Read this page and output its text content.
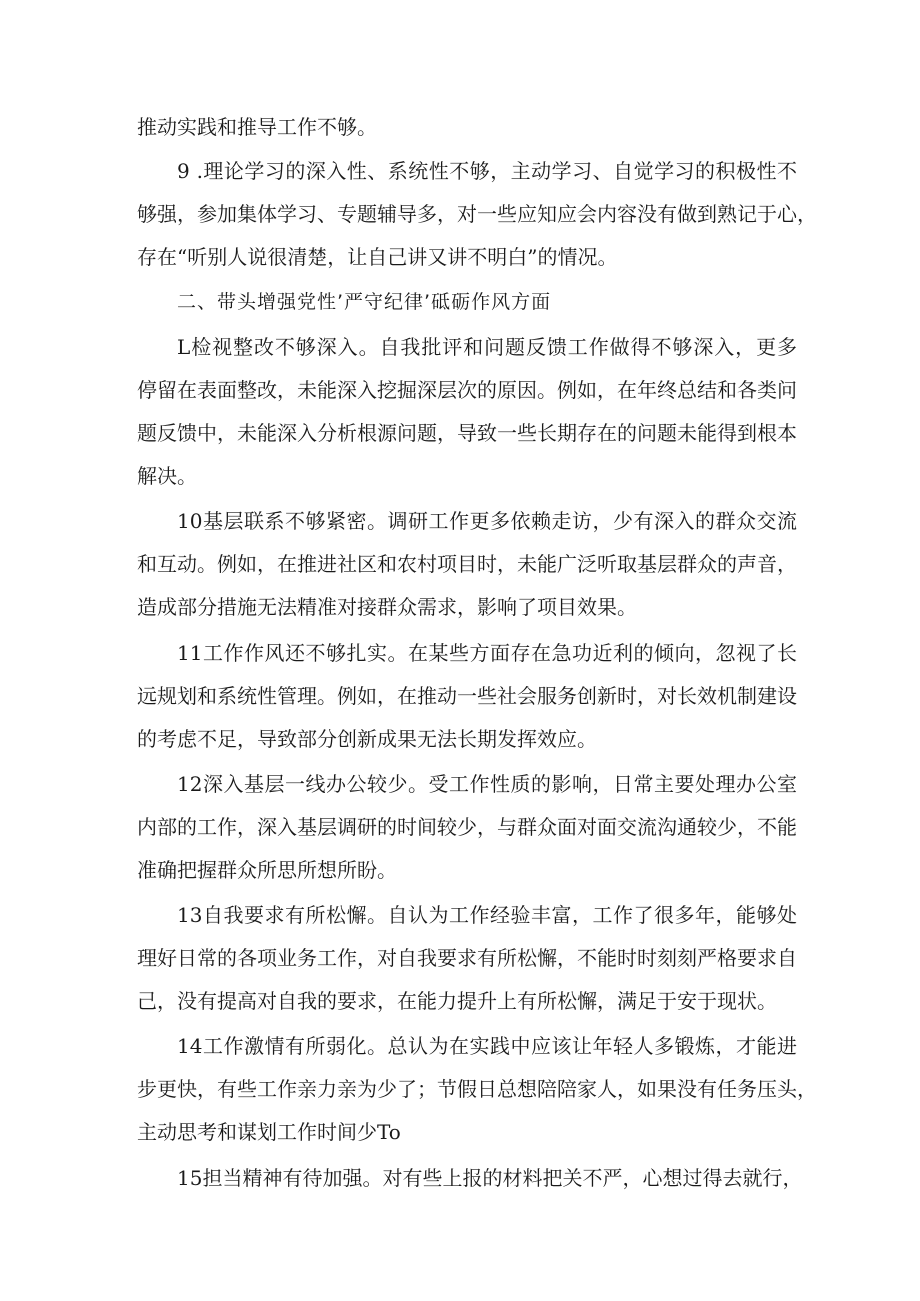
推动实践和推导工作不够。
9 .理论学习的深入性、系统性不够，主动学习、自觉学习的积极性不
够强，参加集体学习、专题辅导多，对一些应知应会内容没有做到熟记于心，
存在“听别人说很清楚，让自己讲又讲不明白”的情况。
二、带头增强党性’严守纪律’砥砺作风方面
L检视整改不够深入。自我批评和问题反馈工作做得不够深入，更多
停留在表面整改，未能深入挖掘深层次的原因。例如，在年终总结和各类问
题反馈中，未能深入分析根源问题，导致一些长期存在的问题未能得到根本
解决。
10基层联系不够紧密。调研工作更多依赖走访，少有深入的群众交流
和互动。例如，在推进社区和农村项目时，未能广泛听取基层群众的声音，
造成部分措施无法精准对接群众需求，影响了项目效果。
11工作作风还不够扎实。在某些方面存在急功近利的倾向，忽视了长
远规划和系统性管理。例如，在推动一些社会服务创新时，对长效机制建设
的考虑不足，导致部分创新成果无法长期发挥效应。
12深入基层一线办公较少。受工作性质的影响，日常主要处理办公室
内部的工作，深入基层调研的时间较少，与群众面对面交流沟通较少，不能
准确把握群众所思所想所盼。
13自我要求有所松懈。自认为工作经验丰富，工作了很多年，能够处
理好日常的各项业务工作，对自我要求有所松懈，不能时时刻刻严格要求自
己，没有提高对自我的要求，在能力提升上有所松懈，满足于安于现状。
14工作激情有所弱化。总认为在实践中应该让年轻人多锻炼，才能进
步更快，有些工作亲力亲为少了；节假日总想陪陪家人，如果没有任务压头，
主动思考和谋划工作时间少To
15担当精神有待加强。对有些上报的材料把关不严，心想过得去就行，
